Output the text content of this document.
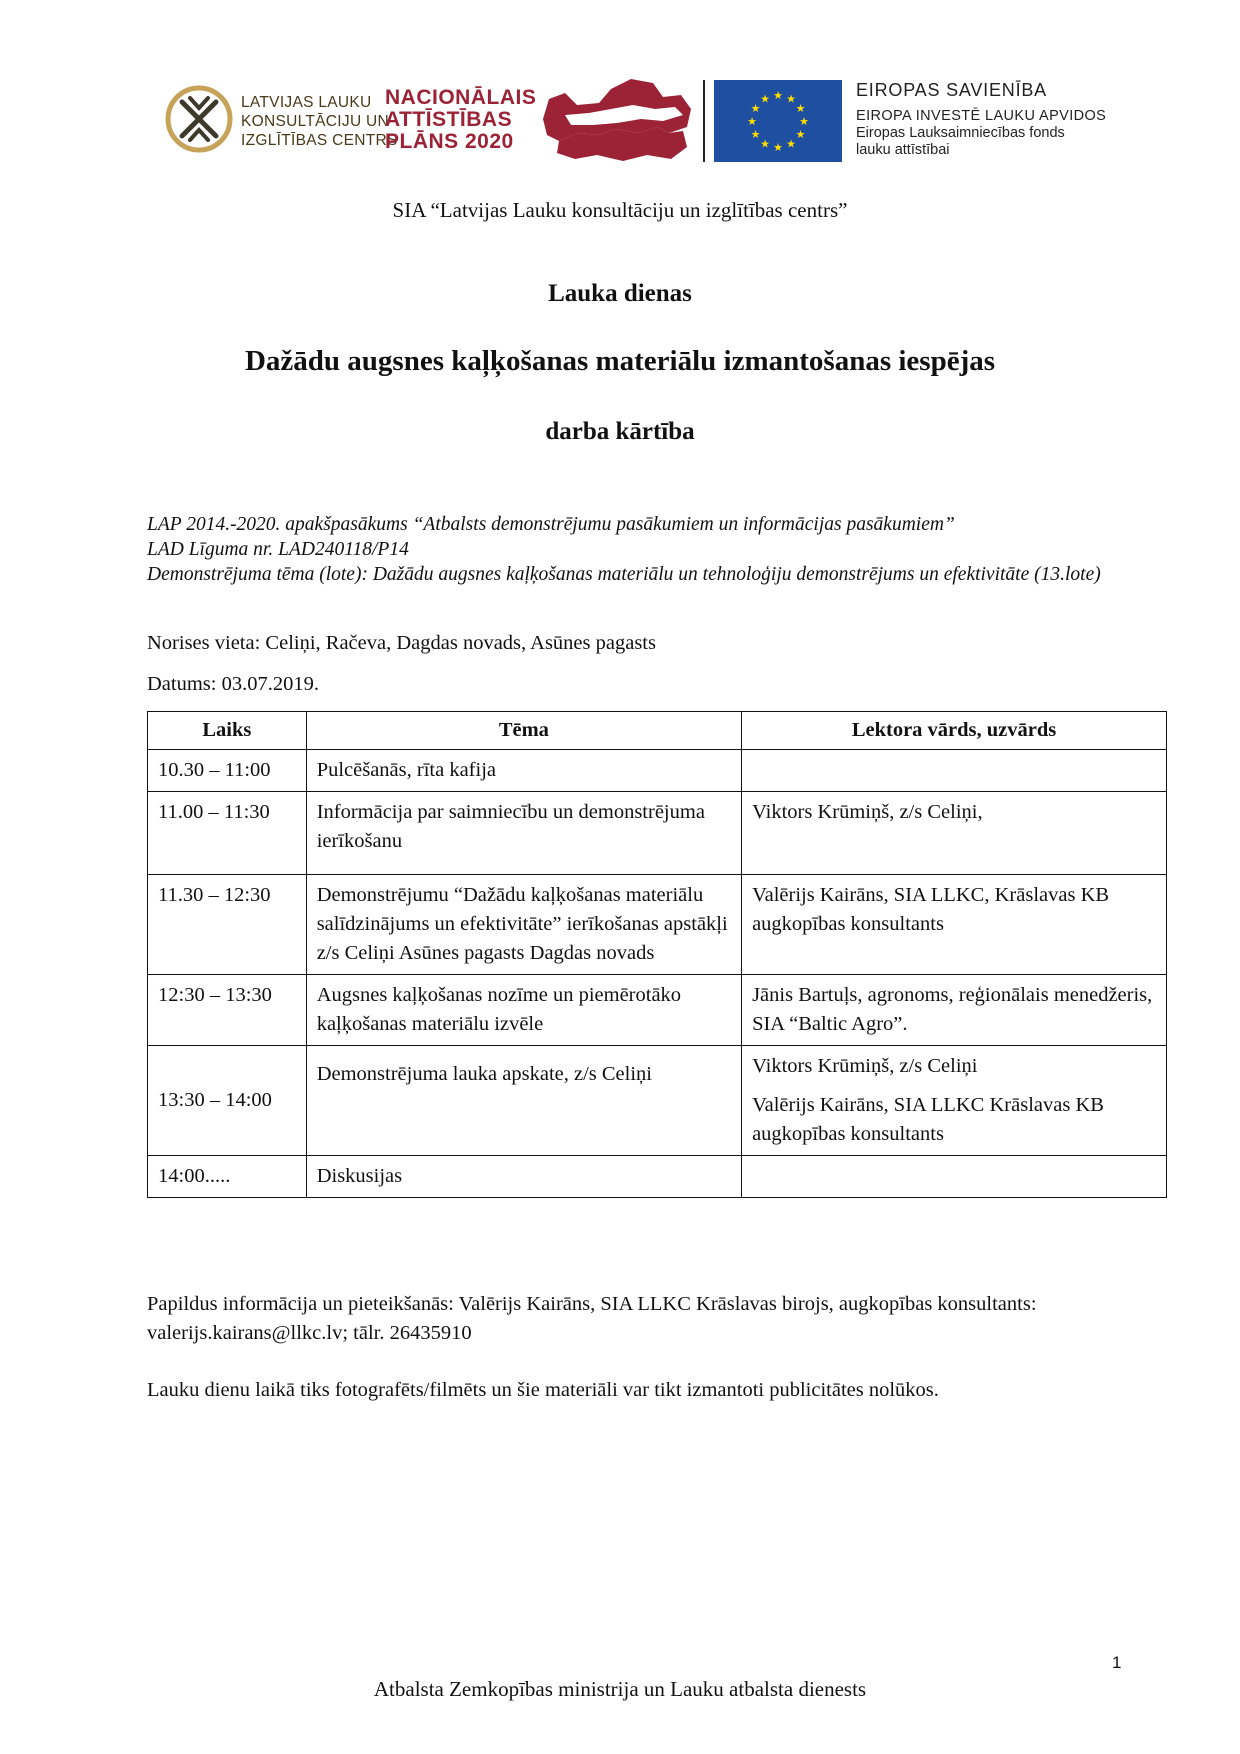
LATVIJAS LAUKU
KONSULTĀCIJU UN
IZGLĪTĪBAS CENTRS
NACIONĀLAIS
ATTĪSTĪBAS
PLĀNS 2020
★ ★
★
★
★
★
★
★
★
★
★
★	EIROPAS SAVIENĪBA
EIROPA INVESTĒ LAUKU APVIDOS
Eiropas Lauksaimniecības fonds
lauku attīstībai
SIA “Latvijas Lauku konsultāciju un izglītības centrs”
Lauka dienas
Dažādu augsnes kaļķošanas materiālu izmantošanas iespējas
darba kārtība

LAP 2014.-2020. apakšpasākums “Atbalsts demonstrējumu pasākumiem un informācijas pasākumiem”

LAD Līguma nr. LAD240118/P14

Demonstrējuma tēma (lote): Dažādu augsnes kaļķošanas materiālu un tehnoloģiju demonstrējums un efektivitāte (13.lote)

Norises vieta: Celiņi, Račeva, Dagdas novads, Asūnes pagasts
Datums: 03.07.2019.
Laiks	Tēma	Lektora vārds, uzvārds
10.30 – 11:00	Pulcēšanās, rīta kafija	
11.00 – 11:30	Informācija par saimniecību un demonstrējuma ierīkošanu	Viktors Krūmiņš, z/s Celiņi,
11.30 – 12:30	Demonstrējumu “Dažādu kaļķošanas materiālu salīdzinājums un efektivitāte” ierīkošanas apstākļi z/s Celiņi Asūnes pagasts Dagdas novads	Valērijs Kairāns, SIA LLKC, Krāslavas KB augkopības konsultants
12:30 – 13:30	Augsnes kaļķošanas nozīme un piemērotāko kaļķošanas materiālu izvēle	Jānis Bartuļs, agronoms, reģionālais menedžeris, SIA “Baltic Agro”.
13:30 – 14:00	Demonstrējuma lauka apskate, z/s Celiņi	Viktors Krūmiņš, z/s Celiņi
Valērijs Kairāns, SIA LLKC Krāslavas KB augkopības konsultants

14:00.....	Diskusijas	
Papildus informācija un pieteikšanās: Valērijs Kairāns, SIA LLKC Krāslavas birojs, augkopības konsultants: valerijs.kairans@llkc.lv; tālr. 26435910
Lauku dienu laikā tiks fotografēts/filmēts un šie materiāli var tikt izmantoti publicitātes nolūkos.
1
Atbalsta Zemkopības ministrija un Lauku atbalsta dienests
